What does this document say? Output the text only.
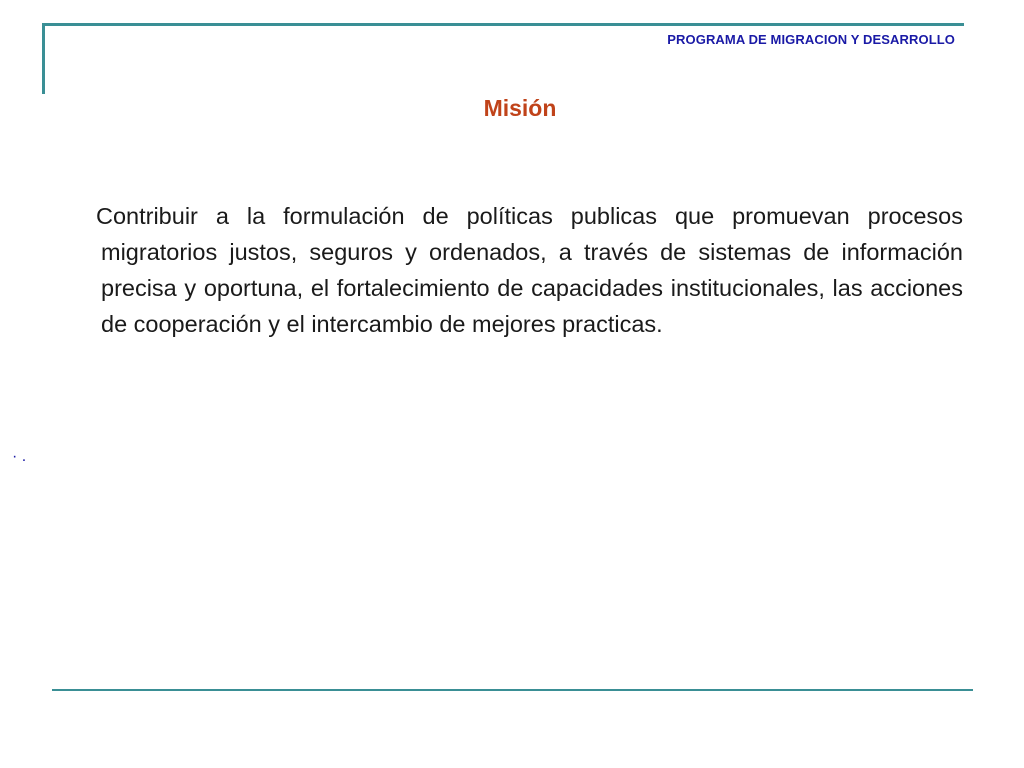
PROGRAMA DE MIGRACION Y DESARROLLO
Misión
Contribuir a la formulación de políticas publicas que promuevan procesos migratorios justos, seguros y ordenados, a través de sistemas de información precisa y oportuna, el fortalecimiento de capacidades institucionales, las acciones de cooperación y el intercambio de mejores practicas.
· .
